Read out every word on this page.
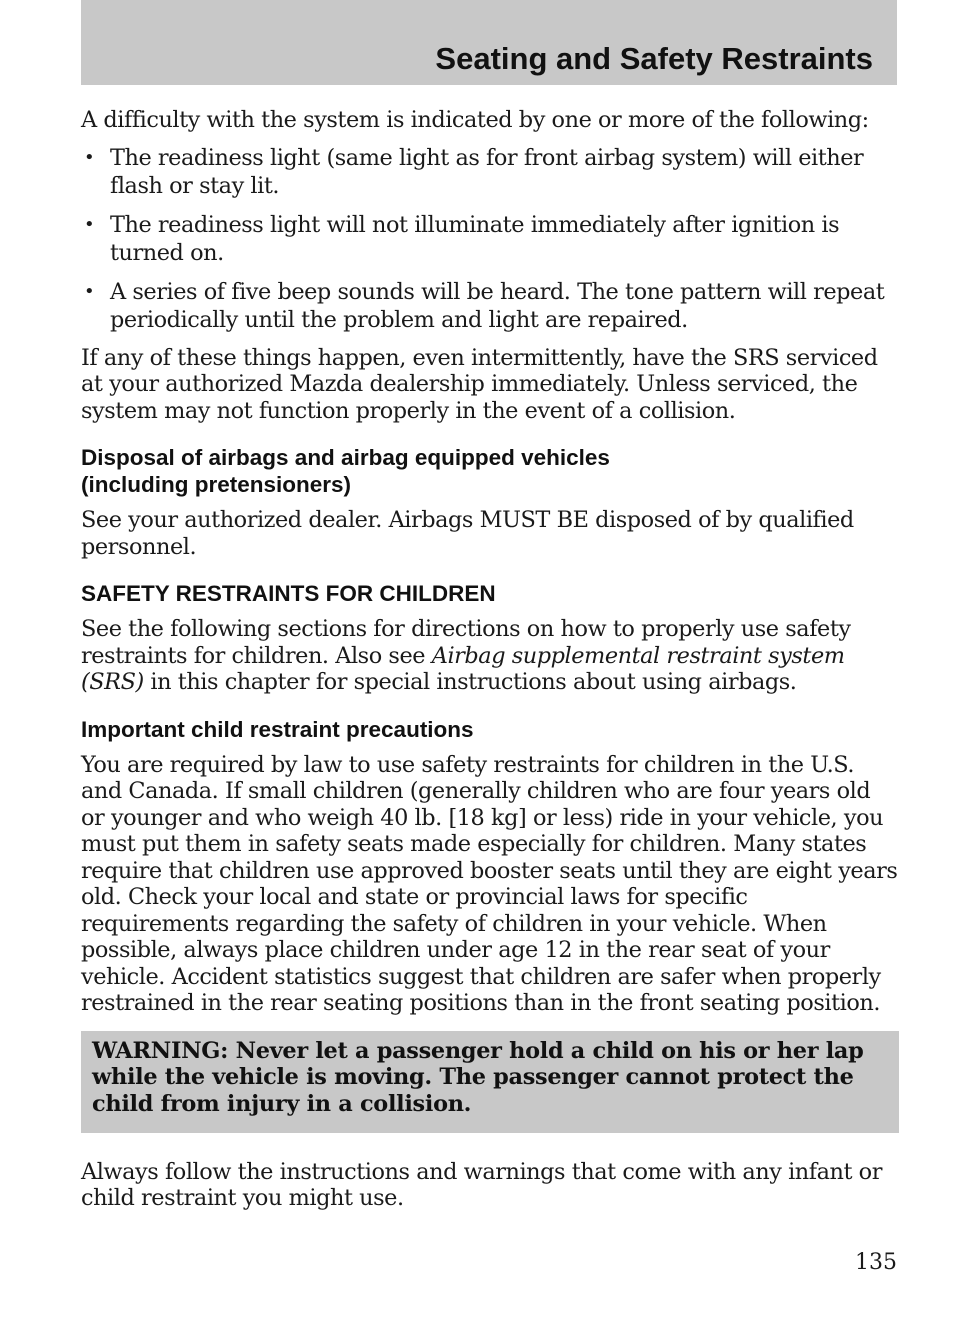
Seating and Safety Restraints

A difficulty with the system is indicated by one or more of the following:

• The readiness light (same light as for front airbag system) will either flash or stay lit.
• The readiness light will not illuminate immediately after ignition is turned on.
• A series of five beep sounds will be heard. The tone pattern will repeat periodically until the problem and light are repaired.

If any of these things happen, even intermittently, have the SRS serviced at your authorized Mazda dealership immediately. Unless serviced, the system may not function properly in the event of a collision.

Disposal of airbags and airbag equipped vehicles (including pretensioners)

See your authorized dealer. Airbags MUST BE disposed of by qualified personnel.

SAFETY RESTRAINTS FOR CHILDREN

See the following sections for directions on how to properly use safety restraints for children. Also see Airbag supplemental restraint system (SRS) in this chapter for special instructions about using airbags.

Important child restraint precautions

You are required by law to use safety restraints for children in the U.S. and Canada. If small children (generally children who are four years old or younger and who weigh 40 lb. [18 kg] or less) ride in your vehicle, you must put them in safety seats made especially for children. Many states require that children use approved booster seats until they are eight years old. Check your local and state or provincial laws for specific requirements regarding the safety of children in your vehicle. When possible, always place children under age 12 in the rear seat of your vehicle. Accident statistics suggest that children are safer when properly restrained in the rear seating positions than in the front seating position.

WARNING: Never let a passenger hold a child on his or her lap while the vehicle is moving. The passenger cannot protect the child from injury in a collision.

Always follow the instructions and warnings that come with any infant or child restraint you might use.

135
